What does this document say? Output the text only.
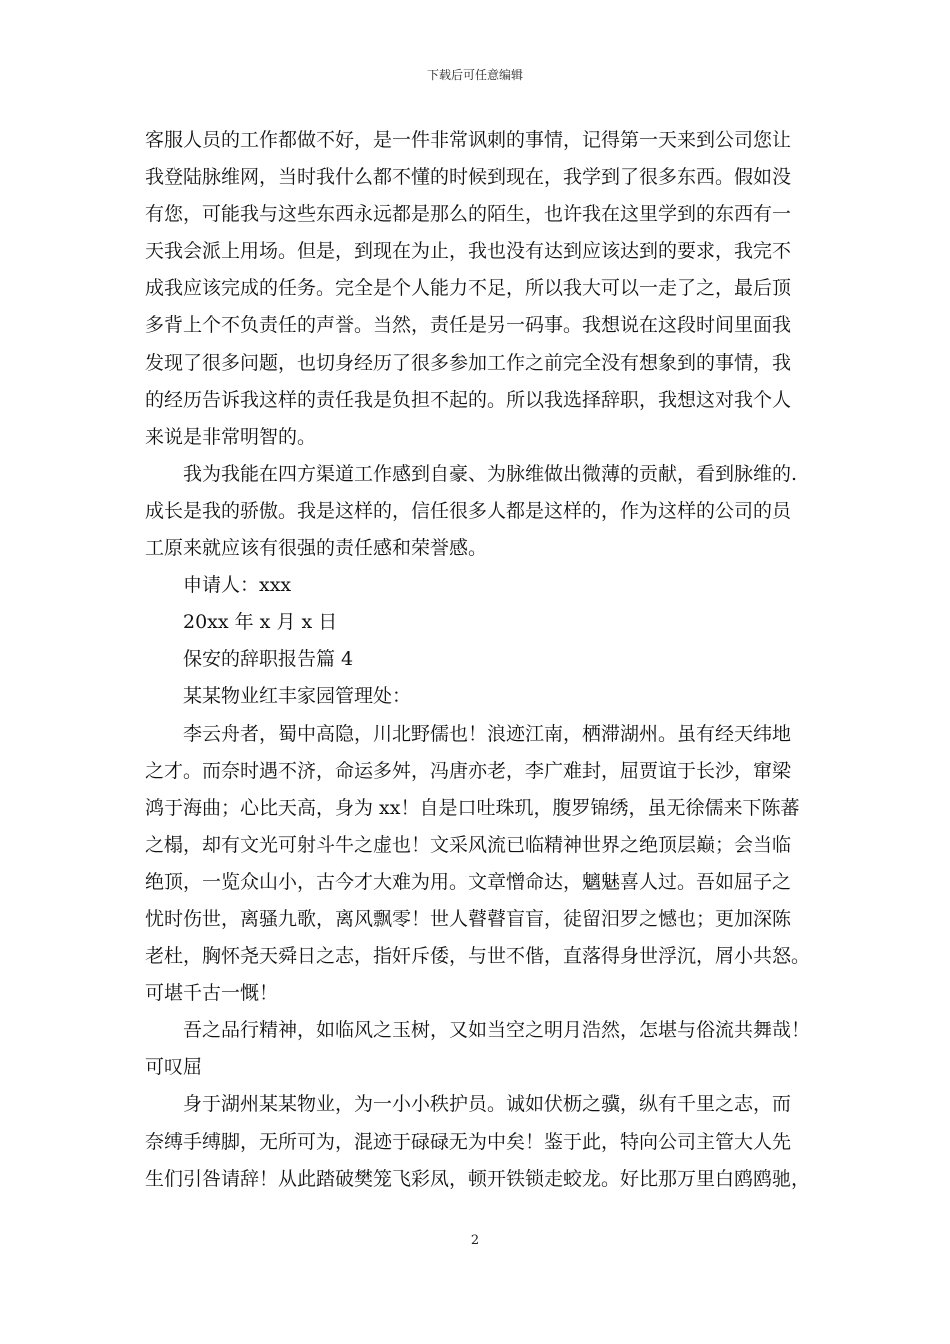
下载后可任意编辑
客服人员的工作都做不好，是一件非常讽刺的事情，记得第一天来到公司您让
我登陆脉维网，当时我什么都不懂的时候到现在，我学到了很多东西。假如没
有您，可能我与这些东西永远都是那么的陌生，也许我在这里学到的东西有一
天我会派上用场。但是，到现在为止，我也没有达到应该达到的要求，我完不
成我应该完成的任务。完全是个人能力不足，所以我大可以一走了之，最后顶
多背上个不负责任的声誉。当然，责任是另一码事。我想说在这段时间里面我
发现了很多问题，也切身经历了很多参加工作之前完全没有想象到的事情，我
的经历告诉我这样的责任我是负担不起的。所以我选择辞职，我想这对我个人
来说是非常明智的。
我为我能在四方渠道工作感到自豪、为脉维做出微薄的贡献，看到脉维的.
成长是我的骄傲。我是这样的，信任很多人都是这样的，作为这样的公司的员
工原来就应该有很强的责任感和荣誉感。
申请人：xxx
20xx 年 x 月 x 日
保安的辞职报告篇 4
某某物业红丰家园管理处：
李云舟者，蜀中高隐，川北野儒也！浪迹江南，栖滞湖州。虽有经天纬地
之才。而奈时遇不济，命运多舛，冯唐亦老，李广难封，屈贾谊于长沙，窜梁
鸿于海曲；心比天高，身为 xx！自是口吐珠玑，腹罗锦绣，虽无徐儒来下陈蕃
之榻，却有文光可射斗牛之虚也！文采风流已临精神世界之绝顶层巅；会当临
绝顶，一览众山小，古今才大难为用。文章憎命达，魑魅喜人过。吾如屈子之
忧时伤世，离骚九歌，离风飘零！世人瞽瞽盲盲，徒留汨罗之憾也；更加深陈
老杜，胸怀尧天舜日之志，指奸斥倭，与世不偕，直落得身世浮沉，屑小共怒。
可堪千古一慨！
吾之品行精神，如临风之玉树，又如当空之明月浩然，怎堪与俗流共舞哉！
可叹屈
身于湖州某某物业，为一小小秩护员。诚如伏枥之骥，纵有千里之志，而
奈缚手缚脚，无所可为，混迹于碌碌无为中矣！鉴于此，特向公司主管大人先
生们引咎请辞！从此踏破樊笼飞彩凤，顿开铁锁走蛟龙。好比那万里白鸥鸥驰，
2
